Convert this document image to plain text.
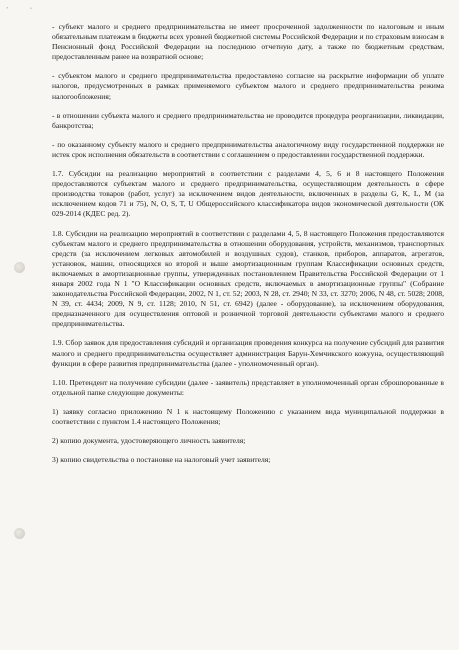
ʼ  ʻ

- субъект малого и среднего предпринимательства не имеет просроченной задолженности по налоговым и иным обязательным платежам в бюджеты всех уровней бюджетной системы Российской Федерации и по страховым взносам в Пенсионный фонд Российской Федерации на последнюю отчетную дату, а также по бюджетным средствам, предоставленным ранее на возвратной основе;

- субъектом малого и среднего предпринимательства предоставлено согласие на раскрытие информации об уплате налогов, предусмотренных в рамках применяемого субъектом малого и среднего предпринимательства режима налогообложения;

- в отношении субъекта малого и среднего предпринимательства не проводится процедура реорганизации, ликвидации, банкротства;

- по оказанному субъекту малого и среднего предпринимательства аналогичному виду государственной поддержки не истек срок исполнения обязательств в соответствии с соглашением о предоставлении государственной поддержки.

1.7. Субсидии на реализацию мероприятий в соответствии с разделами 4, 5, 6 и 8 настоящего Положения предоставляются субъектам малого и среднего предпринимательства, осуществляющим деятельность в сфере производства товаров (работ, услуг) за исключением видов деятельности, включенных в разделы G, K, L, M (за исключением кодов 71 и 75), N, O, S, T, U Общероссийского классификатора видов экономической деятельности (ОК 029-2014 (КДЕС ред. 2).

1.8. Субсидии на реализацию мероприятий в соответствии с разделами 4, 5, 8 настоящего Положения предоставляются субъектам малого и среднего предпринимательства в отношении оборудования, устройств, механизмов, транспортных средств (за исключением легковых автомобилей и воздушных судов), станков, приборов, аппаратов, агрегатов, установок, машин, относящихся ко второй и выше амортизационным группам Классификации основных средств, включаемых в амортизационные группы, утвержденных постановлением Правительства Российской Федерации от 1 января 2002 года N 1 "О Классификации основных средств, включаемых в амортизационные группы" (Собрание законодательства Российской Федерации, 2002, N 1, ст. 52; 2003, N 28, ст. 2940; N 33, ст. 3270; 2006, N 48, ст. 5028; 2008, N 39, ст. 4434; 2009, N 9, ст. 1128; 2010, N 51, ст. 6942) (далее - оборудование), за исключением оборудования, предназначенного для осуществления оптовой и розничной торговой деятельности субъектами малого и среднего предпринимательства.

1.9. Сбор заявок для предоставления субсидий и организация проведения конкурса на получение субсидий для развития малого и среднего предпринимательства осуществляет администрация Барун-Хемчикского кожууна, осуществляющий функции в сфере развития предпринимательства (далее - уполномоченный орган).

1.10. Претендент на получение субсидии (далее - заявитель) представляет в уполномоченный орган сброшюрованные в отдельной папке следующие документы:

1) заявку согласно приложению N 1 к настоящему Положению с указанием вида муниципальной поддержки в соответствии с пунктом 1.4 настоящего Положения;

2) копию документа, удостоверяющего личность заявителя;

3) копию свидетельства о постановке на налоговый учет заявителя;
